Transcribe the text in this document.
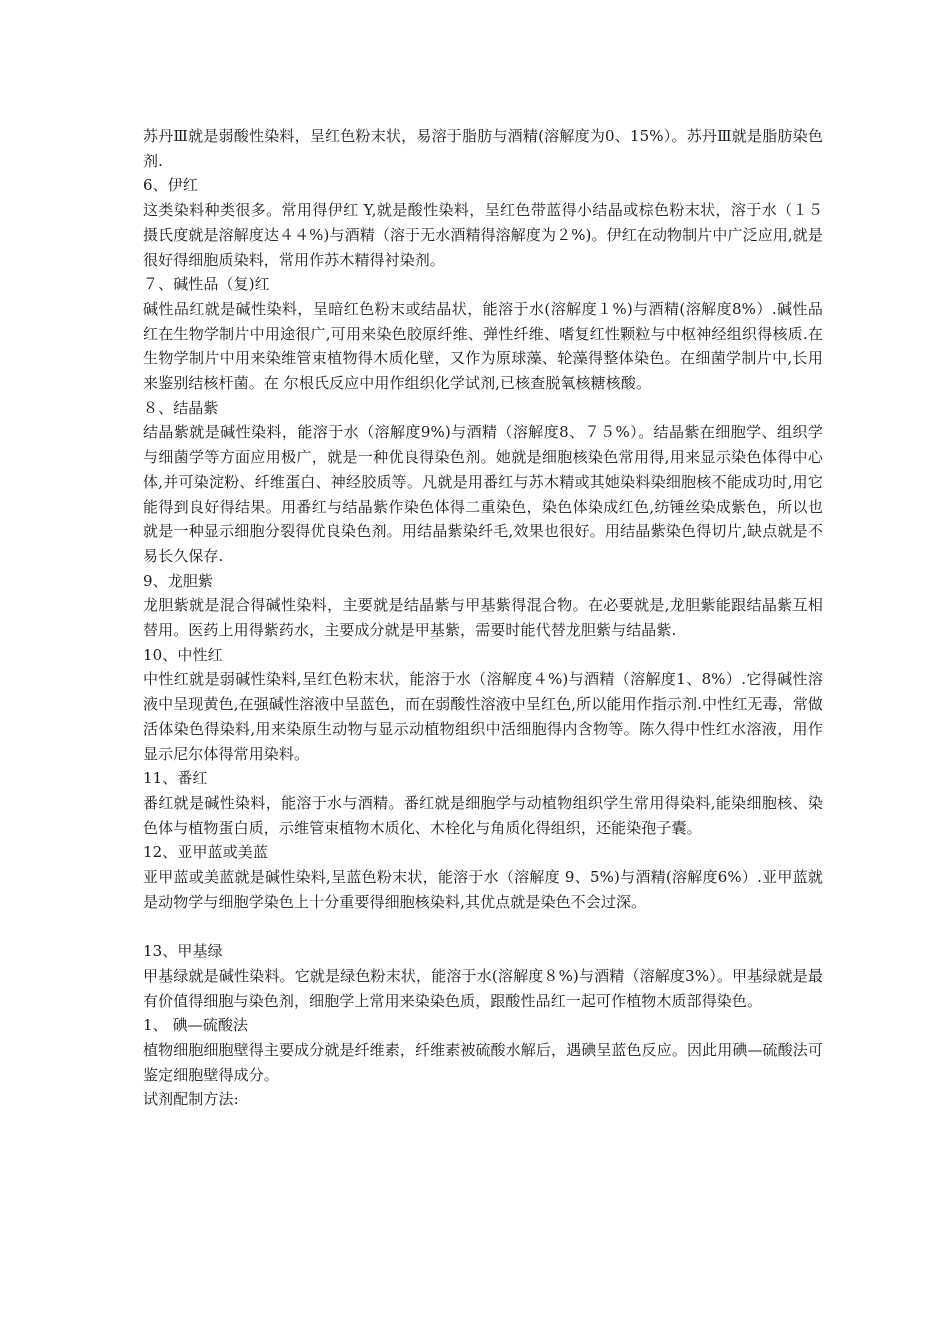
苏丹Ⅲ就是弱酸性染料，呈红色粉末状，易溶于脂肪与酒精(溶解度为0、15%）。苏丹Ⅲ就是脂肪染色剂.

6、伊红

这类染料种类很多。常用得伊红 Y,就是酸性染料，呈红色带蓝得小结晶或棕色粉末状，溶于水（１５摄氏度就是溶解度达４４%)与酒精（溶于无水酒精得溶解度为２%)。伊红在动物制片中广泛应用,就是很好得细胞质染料，常用作苏木精得衬染剂。

７、碱性品（复)红

碱性品红就是碱性染料，呈暗红色粉末或结晶状，能溶于水(溶解度１%)与酒精(溶解度8%）.碱性品红在生物学制片中用途很广,可用来染色胶原纤维、弹性纤维、嗜复红性颗粒与中枢神经组织得核质.在生物学制片中用来染维管束植物得木质化壁，又作为原球藻、轮藻得整体染色。在细菌学制片中,长用来鉴别结核杆菌。在 尔根氏反应中用作组织化学试剂,已核查脱氧核糖核酸。

８、结晶紫

结晶紫就是碱性染料，能溶于水（溶解度9%)与酒精（溶解度8、７５%）。结晶紫在细胞学、组织学与细菌学等方面应用极广，就是一种优良得染色剂。她就是细胞核染色常用得,用来显示染色体得中心体,并可染淀粉、纤维蛋白、神经胶质等。凡就是用番红与苏木精或其她染料染细胞核不能成功时,用它能得到良好得结果。用番红与结晶紫作染色体得二重染色，染色体染成红色,纺锤丝染成紫色，所以也就是一种显示细胞分裂得优良染色剂。用结晶紫染纤毛,效果也很好。用结晶紫染色得切片,缺点就是不易长久保存.

9、龙胆紫

龙胆紫就是混合得碱性染料，主要就是结晶紫与甲基紫得混合物。在必要就是,龙胆紫能跟结晶紫互相替用。医药上用得紫药水，主要成分就是甲基紫，需要时能代替龙胆紫与结晶紫.

10、中性红

中性红就是弱碱性染料,呈红色粉末状，能溶于水（溶解度４%)与酒精（溶解度1、8%）.它得碱性溶液中呈现黄色,在强碱性溶液中呈蓝色，而在弱酸性溶液中呈红色,所以能用作指示剂.中性红无毒，常做活体染色得染料,用来染原生动物与显示动植物组织中活细胞得内含物等。陈久得中性红水溶液，用作显示尼尔体得常用染料。

11、番红

番红就是碱性染料，能溶于水与酒精。番红就是细胞学与动植物组织学生常用得染料,能染细胞核、染色体与植物蛋白质，示维管束植物木质化、木栓化与角质化得组织，还能染孢子囊。

12、亚甲蓝或美蓝

亚甲蓝或美蓝就是碱性染料,呈蓝色粉末状，能溶于水（溶解度 9、5%)与酒精(溶解度6%）.亚甲蓝就是动物学与细胞学染色上十分重要得细胞核染料,其优点就是染色不会过深。

13、甲基绿

甲基绿就是碱性染料。它就是绿色粉末状，能溶于水(溶解度８%)与酒精（溶解度3%）。甲基绿就是最有价值得细胞与染色剂，细胞学上常用来染染色质，跟酸性品红一起可作植物木质部得染色。

1、 碘—硫酸法

植物细胞细胞壁得主要成分就是纤维素，纤维素被硫酸水解后，遇碘呈蓝色反应。因此用碘—硫酸法可鉴定细胞壁得成分。

试剂配制方法:
